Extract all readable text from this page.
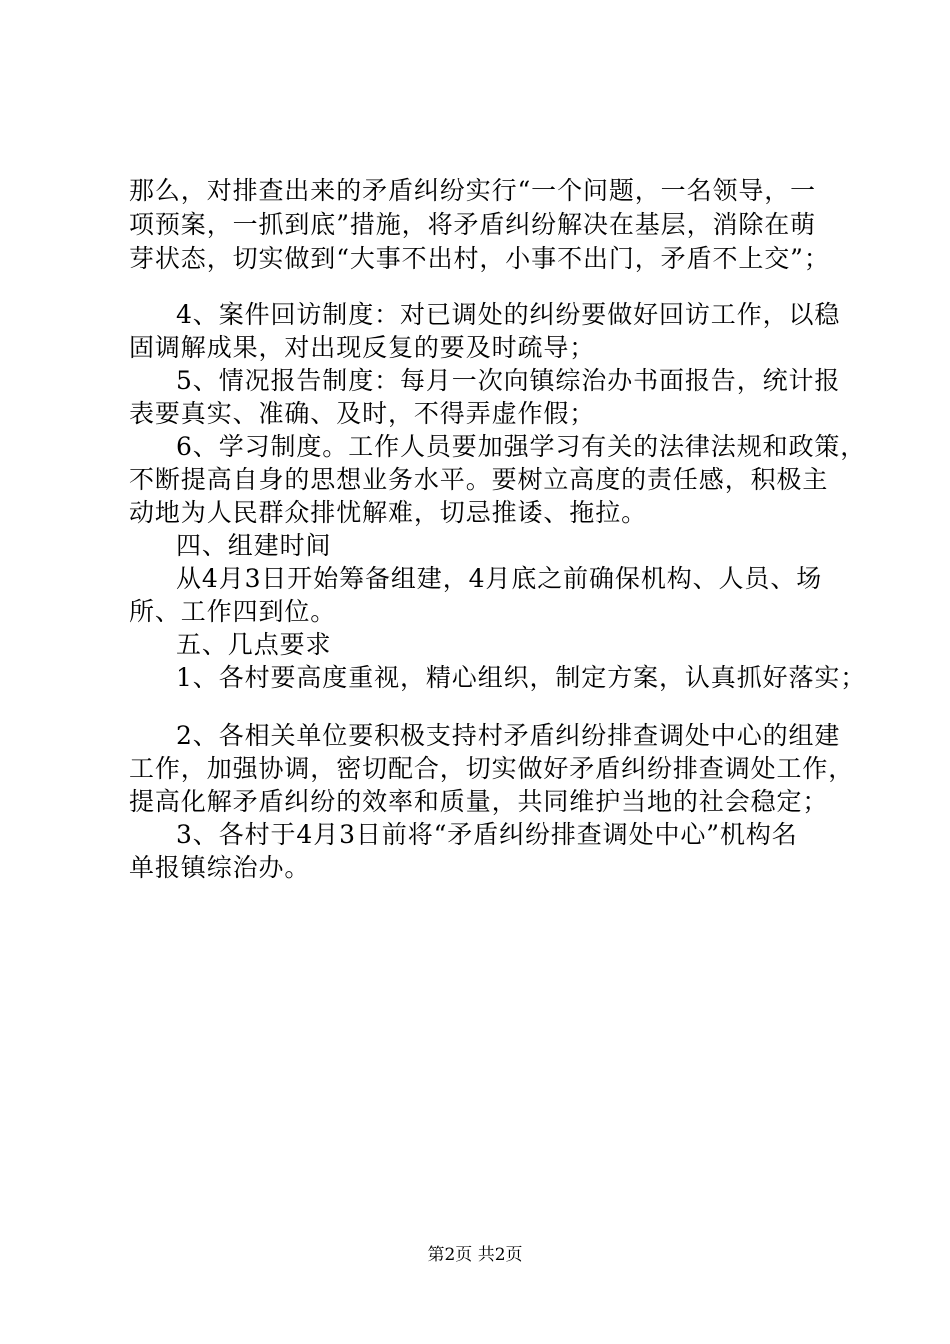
那么，对排查出来的矛盾纠纷实行“一个问题，一名领导，一
项预案，一抓到底”措施，将矛盾纠纷解决在基层，消除在萌
芽状态，切实做到“大事不出村，小事不出门，矛盾不上交”；
4、案件回访制度：对已调处的纠纷要做好回访工作，以稳
固调解成果，对出现反复的要及时疏导；
5、情况报告制度：每月一次向镇综治办书面报告，统计报
表要真实、准确、及时，不得弄虚作假；
6、学习制度。工作人员要加强学习有关的法律法规和政策，
不断提高自身的思想业务水平。要树立高度的责任感，积极主
动地为人民群众排忧解难，切忌推诿、拖拉。
四、组建时间
从4月3日开始筹备组建，4月底之前确保机构、人员、场
所、工作四到位。
五、几点要求
1、各村要高度重视，精心组织，制定方案，认真抓好落实；
2、各相关单位要积极支持村矛盾纠纷排查调处中心的组建
工作，加强协调，密切配合，切实做好矛盾纠纷排查调处工作，
提高化解矛盾纠纷的效率和质量，共同维护当地的社会稳定；
3、各村于4月3日前将“矛盾纠纷排查调处中心”机构名
单报镇综治办。
第2页 共2页
